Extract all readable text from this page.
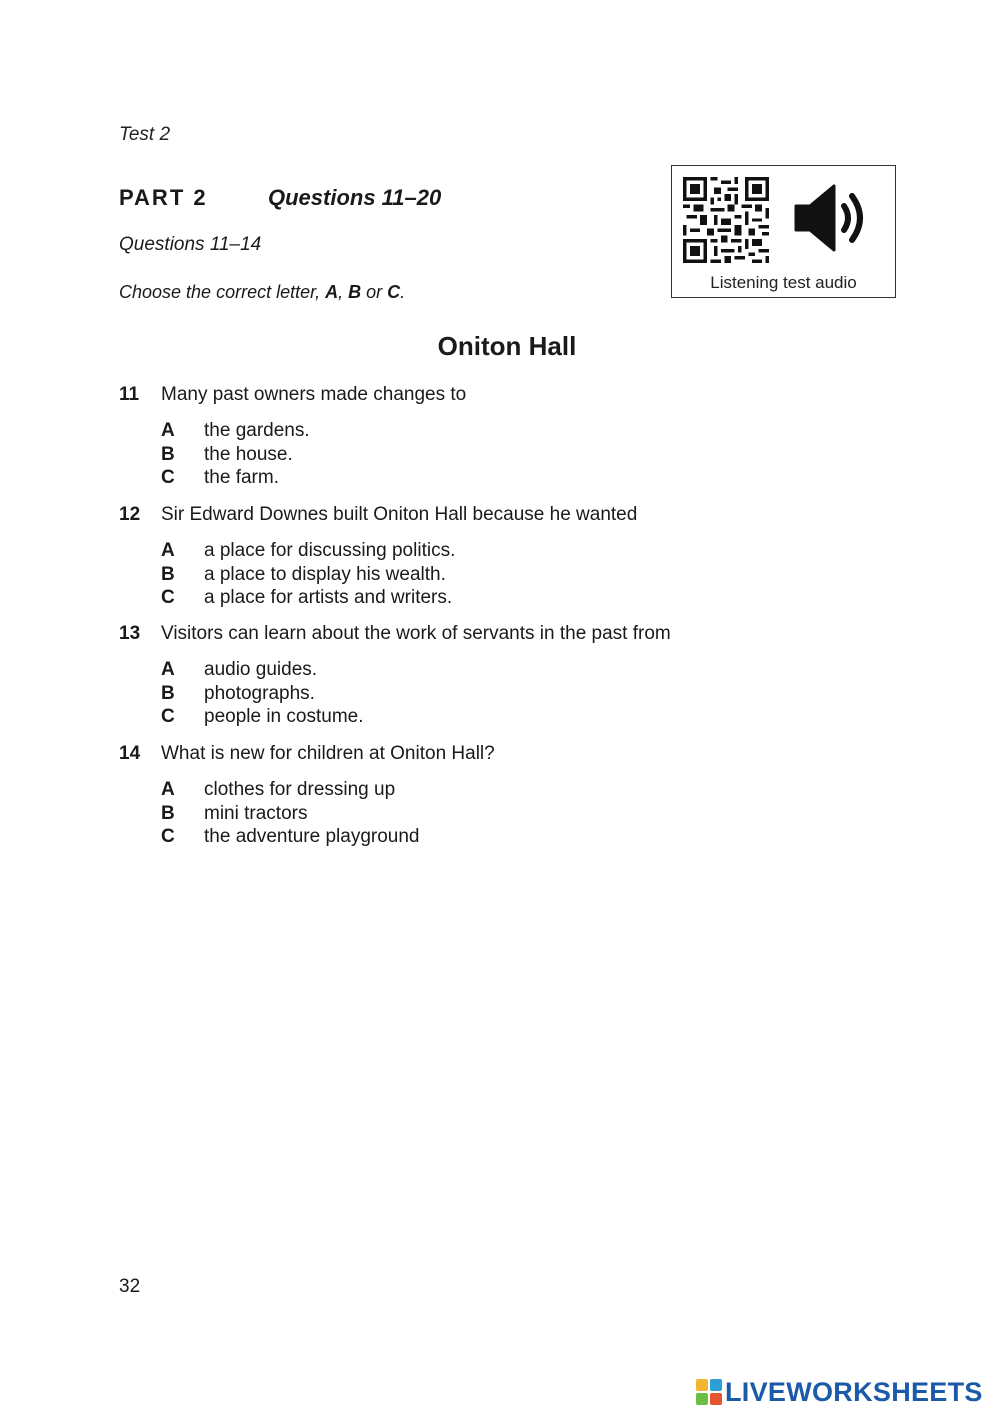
Test 2
PART 2	Questions 11–20
Questions 11–14
Choose the correct letter, A, B or C.	Listening test audio
Oniton Hall
11	Many past owners made changes to
A	the gardens.
B	the house.
C	the farm.
12	Sir Edward Downes built Oniton Hall because he wanted
A	a place for discussing politics.
B	a place to display his wealth.
C	a place for artists and writers.
13	Visitors can learn about the work of servants in the past from
A	audio guides.
B	photographs.
C	people in costume.
14	What is new for children at Oniton Hall?
A	clothes for dressing up
B	mini tractors
C	the adventure playground
32
LIVEWORKSHEETS
